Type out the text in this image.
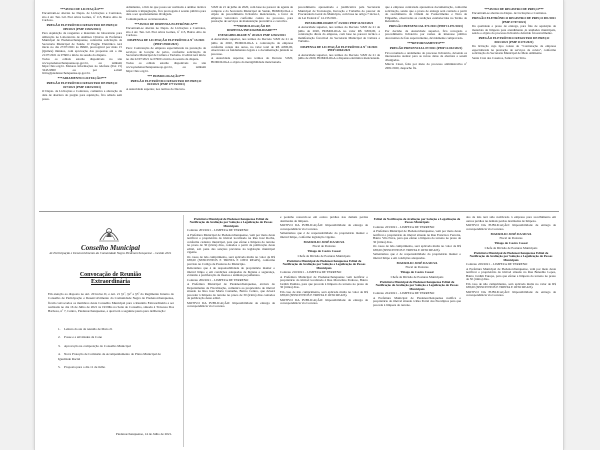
***AVISO DE LICITAÇÃO***

Encontram-se abertas no Depto. de Licitações e Contratos, sito à Av. Ten. Gil. Eloi Alves Gomes, nº 115, Bairro Alto do Cardoso.

PREGÃO ELETRÔNICO REGISTRO DE PREÇO 009/2021 (PMP 13365/2021)

Para Aquisição de reagentes e materiais de laboratório para utilização no Laboratório de Análises Clínicas da Prefeitura Municipal de Piedenorchenquense, conforme solicitação da Secretaria Municipal de Saúde. O Pregão Eletrônico terá início no dia 27/07/2021 às 09h00, prorrogável por mais 15 (Quinze) minutos, com aprovação das propostas até o dia 21/07/2021 às 07h00 a início da sessão da disputa.

Todos os editais estarão disponíveis no site www.piedenorchenquense.sp.gov.br, ou também https://bnc.org.br. Maiores informações no telefone (0xx 15) 3243-9800 ou por e-mail licita@piedenorchenquense.sp.gov.br.

***ADIAMENTO LICITAÇÃO***

PREGÃO ELETRÔNICO REGISTRO DE PREÇO 027/2021 (PMP 14023/2021)

O Depto. de Licitações e Contratos, comunica a alteração da data de abertura do pregão para aquisição, fica adiado sem prazo.

Adiamento, a fim de que possa ser realizada a análise técnica referente à impugnação, fica prorrogada à sessão pública para data a ser oportunamente divulgada.

Comuniquem-se os interessados.

***AVISO DE DISPENSA ELETRÔNICA***

Encontram-se abertas no Depto. de Licitações e Contratos, sito à Av. Ten. Gil. Eloi Alves Gomes, nº 115, Bairro Alto do Cardoso.

DISPENSA DE LICITAÇÃO ELETRÔNICA Nº 13/2021 (PMP 13940/2021)

Para: Contratação de empresa especializada na prestação de serviços de locação de palco, conforme solicitação da Secretaria Municipal de Cultura e Turismo. O edital terá início no dia 22/07/2021 às 07h00 a início da sessão da disputa.

Todos os editais estarão disponíveis no site www.piedenorchenquense.sp.gov.br, ou também https://bnc.org.br.

*** HOMOLOGAÇÃO***

PREGÃO ELETRÔNICO REGISTRO DE PREÇO 023/2021 (PMP 17713/2021)

A Autoridade superior, nos termos do Decreto.

5.820 de 21 de julho de 2020, com base no parecer do agente de compras e da Secretaria Municipal de Saúde, HOMOLOGA o objeto do procedimento licitatório mencionado, a favor da empresa vencedora conforme consta no processo, para prestação de serviços de manutenção preventiva e corretiva.

***HOMOLOGAÇÃO DE DISPENSA/INEXIGIBILIDADE***

INEXIGIBILIDADE Nº 20/2021 PMP 12363/2021

A Autoridade superior, nos termos do Decreto 5.820 de 21 de julho de 2020, HOMOLOGA a contratação da empresa conforme consta dos autos, no valor total de R$ 4.800,00, observados os fundamentos legais e a documentação juntada ao processo.

A Autoridade superior, nos termos do Decreto 5.820, HOMOLOGA o objeto da inexigibilidade mencionada.

procedimento apresentado e justificativa pela Secretaria Municipal de Tecnologia, Inovação e Trabalho do parecer da Procuradoria Geral do Município, com base no artigo 7 inciso I, da Lei Federal nº 14.133/2021.

INEXIGIBILIDADE Nº 23/2021 PMP 14.923/2021

A Autoridade superior, nos termos do Decreto 5.820 de 21 de julho de 2020, HOMOLOGA no valor R$ 3.800,00, a contratação direta da empresa, com base no parecer técnico e manifestação favorável da Secretaria Municipal de Cultura e Turismo.

DISPENSA DE LICITAÇÃO ELETRÔNICA Nº 10/2021 PMP 12064/2021

A Autoridade superior, nos termos do Decreto 5.820 de 21 de julho de 2020, HOMOLOGA a dispensa eletrônica mencionada.

que a empresa contratada apresentou documentação, conforme solicitação, sendo que o prazo de entrega será contado a partir do recebimento da Ordem de Fornecimento e Nota de Empenho, observadas as condições estabelecidas no Termo de Referência.

PREGÃO PRESENCIAL 071/2021 (PMP 11.071/2021)

Por decisão da Autoridade superior, fica revogado o procedimento licitatório por razões de interesse público decorrentes de fato superveniente, devidamente comprovado.

***RETORNAMENTO***

PREGÃO PRESENCIAL 07/2021 (PMP 12.042/2021)

Fica retomado o andamento do processo licitatório, devendo os interessados atentar para as novas datas de abertura a serem divulgadas.

Márcia César, feita por meio do processo administrativo nº 2681/2020, despacho fls.

***AVISO DE REGISTRO DE PREÇO***

Encontram-se abertas no Depto. de Licitações e Contratos.

PREGÃO ELETRÔNICO REGISTRO DE PREÇO 001/2021 (PMP 27/07/2021)

Da qualidade e prazo de entrega, para fins de aquisição de materiais de limpeza para atendimento às unidades municipais, sendo o objeto do processo licitatório deferido favoravelmente.

PREGÃO ELETRÔNICO REGISTRO DE PREÇO 0021/2021 (PMP 11173/2021)

Da licitação cujo tipo conste de "Contratação de empresa especializada na prestação de serviços de coleta", conforme solicitação da Secretaria Municipal de Meio Ambiente.

Santa Cruz dos Caseiros, Santa Cruz Sítio.

Conselho Municipal
de Participação e Desenvolvimento da Comunidade Negra Piedenorchenquense – Gestão 2021
Convocação de Reunião
Extraordinária
Em atenção ao disposto no Art. 20 inciso II, e Art. 21 §1º, §2º e §3º do Regimento Interno do Conselho de Participação e Desenvolvimento da Comunidade Negra de Piedenorchenquense, ficam convocados os membros deste Conselho Municipal para a Reunião Extraordinária a ser realizada no dia 16 de Julho de 2021 às 19:00hs na Sede do Conselho, situada à Travessa Dos Barbosa, nº 7, Centro, Piedenorchenquense, a qual terá a seguinte pauta para deliberação:
1. Leitura da ata da reunião de Maio 21
2. Posse e a atividades da Cone
3. Aprovação na composição do Conselho Municipal
4. Nova Proteção de Comissão de Acompanhamento do Plano Municipal de Igualdade Racial
5. Proposta para o dia 11 de Julho
Piedenorchenquense, 14 de Julho de 2021.

Prefeitura Municipal de Piedenorchenquense Edital de Notificação de Avaliação por Solução e Legalização de Posses Municipais

Contrato 203/2021 – LIMPEZA DE TERRENO

A Prefeitura Municipal de Piedenorchenquense, vem por meio deste notificar o proprietário do imóvel localizado na Rua José Rocha, conforme cadastro municipal, para que efetue a limpeza do terreno no prazo de 30 (trinta) dias, contados a partir da publicação deste edital, sob pena das sanções previstas na legislação municipal vigente.

Os casos de não cumprimento, será aplicada multa no valor de R$ 638,00 (SEISCENTOS E TRINTA E OITO REAIS), conforme previsto no Código de Posturas do Município.

Reiteramos que é de responsabilidade do proprietário manter o imóvel limpo e em condições adequadas de higiene e segurança, evitando a proliferação de insetos e animais peçonhentos.

Contrato 206/2021 – LIMPEZA DE TERRENO

A Prefeitura Municipal de Piedenorchenquense, através do Departamento de Fiscalização, comunica ao proprietário do imóvel situado na Rua José Maria Castanho, Bairro Centro, que deverá proceder à limpeza do terreno no prazo de 30 (trinta) dias contados da publicação deste edital.

MOTIVO DA PUBLICAÇÃO: Impossibilidade de entrega de correspondência via Correios.

e poderão ressarcir-se em outros prédios nas demais perdas destinadas de limpeza.

MOTIVO DA PUBLICAÇÃO: Impossibilidade de entrega de correspondência via Correios.

Salientamos que é de responsabilidade do proprietário manter o imóvel limpo, conforme legislação vigente.

MAURILIO JOSÉ DA SILVA

Fiscal de Posturas

Thiago de Castro Cassol

Chefe da Divisão de Posturas Municipais

Prefeitura Municipal de Piedenorchenquense Edital de Notificação de Avaliação por Solução e Legalização de Posses Municipais

Contrato 210/2021 – LIMPEZA DE TERRENO

A Prefeitura Municipal de Piedenorchenquense vem notificar o proprietário do imóvel localizado à Rua Marcelino Pedroso, Bairro Jardim Paulista, para que proceda à limpeza do terreno no prazo de 30 (trinta) dias.

Em caso de não cumprimento, será aplicada multa no valor de R$ 638,00 (SEISCENTOS E TRINTA E OITO REAIS).

MOTIVO DA PUBLICAÇÃO: Impossibilidade de entrega de correspondência via Correios.

Edital de Notificação de Avaliação por Solução e Legalização de Posses Municipais

Contrato 223/2021 – LIMPEZA DE TERRENO

A Prefeitura Municipal de Piedenorchenquense, vem por meio deste notificar o proprietário do imóvel situado na Rua Francisco Ferreira, Bairro Vila Nova, para que efetue a limpeza do terreno no prazo de 30 (trinta) dias.

Os casos de não cumprimento, será aplicada multa no valor de R$ 638,00 (SEISCENTOS E TRINTA E OITO REAIS).

Salientamos que é de responsabilidade do proprietário manter o imóvel limpo e em condições adequadas.

MAURILIO JOSÉ DA SILVA

Fiscal de Posturas

Thiago de Castro Cassol

Chefe da Divisão de Posturas Municipais

Prefeitura Municipal de Piedenorchenquense Edital de Notificação de Avaliação por Solução e Legalização de Posses Municipais

Contrato 224/2021 – LIMPEZA DE TERRENO

A Prefeitura Municipal de Piedenorchenquense notifica o proprietário do imóvel situado à Rua Portal dos Eucaliptos para que proceda à limpeza do terreno.

dos de não terá sido notificado à empresa para recolhimento em outros prédios na demais perdas destinadas de limpeza.

MOTIVO DA PUBLICAÇÃO: Impossibilidade de entrega de correspondência via Correios.

MAURILIO JOSÉ DA SILVA

Fiscal de Posturas

Thiago de Castro Cassol

Chefe da Divisão de Posturas Municipais

Prefeitura Municipal de Piedenorchenquense Edital de Notificação de Avaliação por Solução e Legalização de Posses Municipais

Contrato 229/2021 – LIMPEZA DE TERRENO

A Prefeitura Municipal de Piedenorchenquense, vem por meio deste notificar o proprietário do imóvel situado na Rua Benedito Lopes, Bairro Jardim Europa, para que efetue a limpeza do terreno no prazo de 30 (trinta) dias.

Em caso de não cumprimento, será aplicada multa no valor de R$ 638,00 (SEISCENTOS E TRINTA E OITO REAIS).

MOTIVO DA PUBLICAÇÃO: Impossibilidade de entrega de correspondência via Correios.
